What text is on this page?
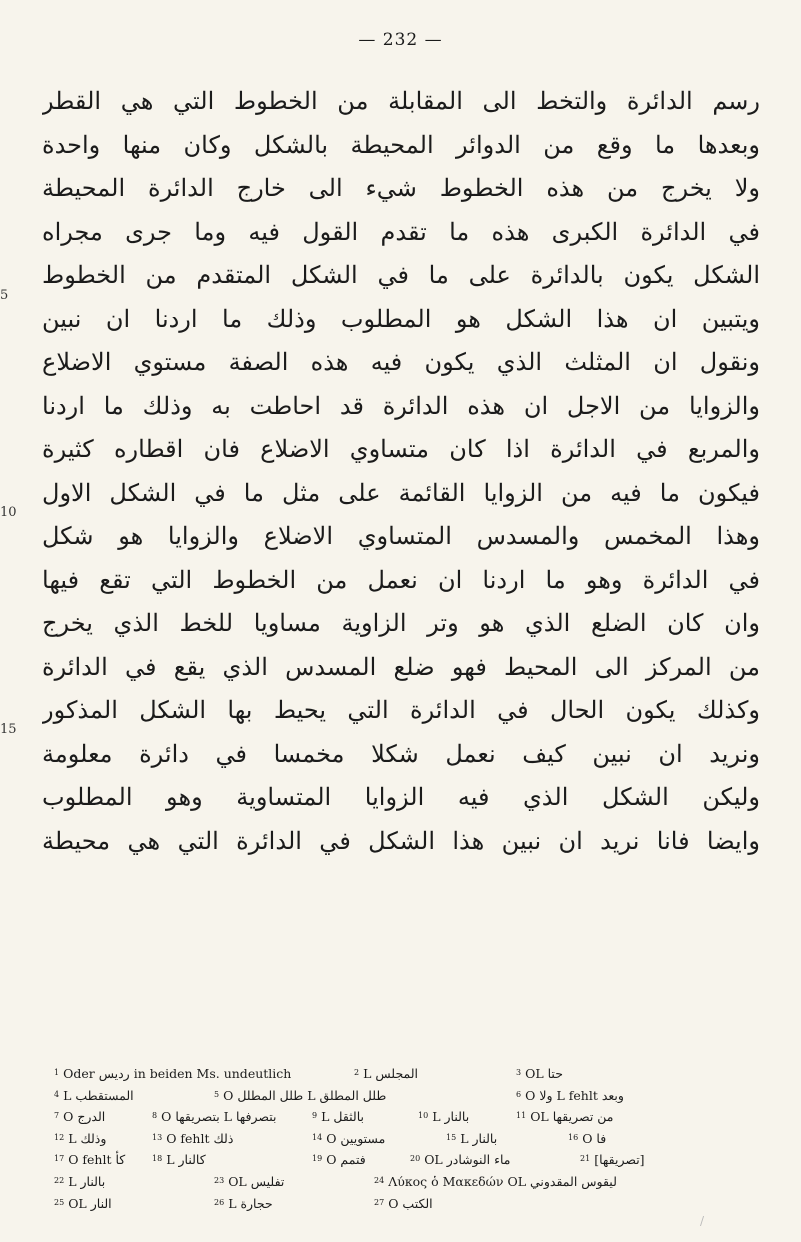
— 232 —
5
10
15
ﺭﺳﻢ ﺍﻟﺪﺍﺋﺮﺓ ﻭﺍﻟﺘﺨﻂ ﺍﻟﻰ ﺍﻟﻤﻘﺎﺑﻠﺔ ﻣﻦ ﺍﻟﺨﻄﻮﻁ ﺍﻟﺘﻲ ﻫﻲ ﺍﻟﻘﻄﺮ
ﻭﺑﻌﺪﻫﺎ ﻣﺎ ﻭﻗﻊ ﻣﻦ ﺍﻟﺪﻭﺍﺋﺮ ﺍﻟﻤﺤﻴﻄﺔ ﺑﺎﻟﺸﻜﻞ ﻭﻛﺎﻥ ﻣﻨﻬﺎ ﻭﺍﺣﺪﺓ
ﻭﻻ ﻳﺨﺮﺝ ﻣﻦ ﻫﺬﻩ ﺍﻟﺨﻄﻮﻁ ﺷﻲﺀ ﺍﻟﻰ ﺧﺎﺭﺝ ﺍﻟﺪﺍﺋﺮﺓ ﺍﻟﻤﺤﻴﻄﺔ
ﻓﻲ ﺍﻟﺪﺍﺋﺮﺓ ﺍﻟﻜﺒﺮﻯ ﻫﺬﻩ ﻣﺎ ﺗﻘﺪﻡ ﺍﻟﻘﻮﻝ ﻓﻴﻪ ﻭﻣﺎ ﺟﺮﻯ ﻣﺠﺮﺍﻩ
ﺍﻟﺸﻜﻞ ﻳﻜﻮﻥ ﺑﺎﻟﺪﺍﺋﺮﺓ ﻋﻠﻰ ﻣﺎ ﻓﻲ ﺍﻟﺸﻜﻞ ﺍﻟﻤﺘﻘﺪﻡ ﻣﻦ ﺍﻟﺨﻄﻮﻁ
ﻭﻳﺘﺒﻴﻦ ﺍﻥ ﻫﺬﺍ ﺍﻟﺸﻜﻞ ﻫﻮ ﺍﻟﻤﻄﻠﻮﺏ ﻭﺫﻟﻚ ﻣﺎ ﺍﺭﺩﻧﺎ ﺍﻥ ﻧﺒﻴﻦ
ﻭﻧﻘﻮﻝ ﺍﻥ ﺍﻟﻤﺜﻠﺚ ﺍﻟﺬﻱ ﻳﻜﻮﻥ ﻓﻴﻪ ﻫﺬﻩ ﺍﻟﺼﻔﺔ ﻣﺴﺘﻮﻱ ﺍﻻﺿﻼﻉ
ﻭﺍﻟﺰﻭﺍﻳﺎ ﻣﻦ ﺍﻻﺟﻞ ﺍﻥ ﻫﺬﻩ ﺍﻟﺪﺍﺋﺮﺓ ﻗﺪ ﺍﺣﺎﻃﺖ ﺑﻪ ﻭﺫﻟﻚ ﻣﺎ ﺍﺭﺩﻧﺎ
ﻭﺍﻟﻤﺮﺑﻊ ﻓﻲ ﺍﻟﺪﺍﺋﺮﺓ ﺍﺫﺍ ﻛﺎﻥ ﻣﺘﺴﺎﻭﻱ ﺍﻻﺿﻼﻉ ﻓﺎﻥ ﺍﻗﻄﺎﺭﻩ ﻛﺜﻴﺮﺓ
ﻓﻴﻜﻮﻥ ﻣﺎ ﻓﻴﻪ ﻣﻦ ﺍﻟﺰﻭﺍﻳﺎ ﺍﻟﻘﺎﺋﻤﺔ ﻋﻠﻰ ﻣﺜﻞ ﻣﺎ ﻓﻲ ﺍﻟﺸﻜﻞ ﺍﻻﻭﻝ
ﻭﻫﺬﺍ ﺍﻟﻤﺨﻤﺲ ﻭﺍﻟﻤﺴﺪﺱ ﺍﻟﻤﺘﺴﺎﻭﻱ ﺍﻻﺿﻼﻉ ﻭﺍﻟﺰﻭﺍﻳﺎ ﻫﻮ ﺷﻜﻞ
ﻓﻲ ﺍﻟﺪﺍﺋﺮﺓ ﻭﻫﻮ ﻣﺎ ﺍﺭﺩﻧﺎ ﺍﻥ ﻧﻌﻤﻞ ﻣﻦ ﺍﻟﺨﻄﻮﻁ ﺍﻟﺘﻲ ﺗﻘﻊ ﻓﻴﻬﺎ
ﻭﺍﻥ ﻛﺎﻥ ﺍﻟﻀﻠﻊ ﺍﻟﺬﻱ ﻫﻮ ﻭﺗﺮ ﺍﻟﺰﺍﻭﻳﺔ ﻣﺴﺎﻭﻳﺎ ﻟﻠﺨﻂ ﺍﻟﺬﻱ ﻳﺨﺮﺝ
ﻣﻦ ﺍﻟﻤﺮﻛﺰ ﺍﻟﻰ ﺍﻟﻤﺤﻴﻂ ﻓﻬﻮ ﺿﻠﻊ ﺍﻟﻤﺴﺪﺱ ﺍﻟﺬﻱ ﻳﻘﻊ ﻓﻲ ﺍﻟﺪﺍﺋﺮﺓ
ﻭﻛﺬﻟﻚ ﻳﻜﻮﻥ ﺍﻟﺤﺎﻝ ﻓﻲ ﺍﻟﺪﺍﺋﺮﺓ ﺍﻟﺘﻲ ﻳﺤﻴﻂ ﺑﻬﺎ ﺍﻟﺸﻜﻞ ﺍﻟﻤﺬﻛﻮﺭ
ﻭﻧﺮﻳﺪ ﺍﻥ ﻧﺒﻴﻦ ﻛﻴﻒ ﻧﻌﻤﻞ ﺷﻜﻼ ﻣﺨﻤﺴﺎ ﻓﻲ ﺩﺍﺋﺮﺓ ﻣﻌﻠﻮﻣﺔ
ﻭﻟﻴﻜﻦ ﺍﻟﺸﻜﻞ ﺍﻟﺬﻱ ﻓﻴﻪ ﺍﻟﺰﻭﺍﻳﺎ ﺍﻟﻤﺘﺴﺎﻭﻳﺔ ﻭﻫﻮ ﺍﻟﻤﻄﻠﻮﺏ
ﻭﺍﻳﻀﺎ ﻓﺎﻧﺎ ﻧﺮﻳﺪ ﺍﻥ ﻧﺒﻴﻦ ﻫﺬﺍ ﺍﻟﺸﻜﻞ ﻓﻲ ﺍﻟﺪﺍﺋﺮﺓ ﺍﻟﺘﻲ ﻫﻲ ﻣﺤﻴﻄﺔ
$^1$ Oder ﺭﺩﻳﺲ in beiden Ms. undeutlich	$^2$ L ﺍﻟﻤﺠﻠﺲ	$^3$ OL ﺣﺘﺎ
$^4$ L ﺍﻟﻤﺴﺘﻘﻄﺐ	$^5$ O ﻃﻠﻞ ﺍﻟﻤﻄﻠﻞ L ﻃﻠﻞ ﺍﻟﻤﻄﻠﻖ	$^6$ O ﻭﻻ L fehlt ﻭﺑﻌﺪ
$^7$ O ﺍﻟﺪﺭﺝ	$^8$ O ﺑﺘﺼﺮﻳﻘﻬﺎ L ﺑﺘﺼﺮﻓﻬﺎ	$^9$ L ﺑﺎﻟﺜﻘﻞ	$^{10}$ L ﺑﺎﻟﻨﺎﺭ	$^{11}$ OL ﻣﻦ ﺗﺼﺮﻳﻘﻬﺎ
$^{12}$ L ﻭﺫﻟﻚ	$^{13}$ O fehlt ﺫﻟﻚ	$^{14}$ O ﻣﺴﺘﻮﻳﻴﻦ	$^{15}$ L ﺑﺎﻟﻨﺎﺭ	$^{16}$ O ﻓﺎ
$^{17}$ O fehlt ﻛﺄ	$^{18}$ L ﻛﺎﻟﻨﺎﺭ	$^{19}$ O ﻓﺘﻤﻢ	$^{20}$ OL ﻣﺎﺀ ﺍﻟﻨﻮﺷﺎﺩﺭ	$^{21}$ [ﺗﺼﺮﻳﻘﻬﺎ]
$^{22}$ L ﺑﺎﻟﻨﺎﺭ	$^{23}$ OL ﺗﻔﻠﻴﺲ	$^{24}$ Λύκος ὁ Μακεδών OL ﻟﻴﻘﻮﺱ ﺍﻟﻤﻘﺪﻭﻧﻲ
$^{25}$ OL ﺍﻟﻨﺎﺭ	$^{26}$ L ﺣﺠﺎﺭﺓ	$^{27}$ O ﺍﻟﻜﺘﺐ
/
